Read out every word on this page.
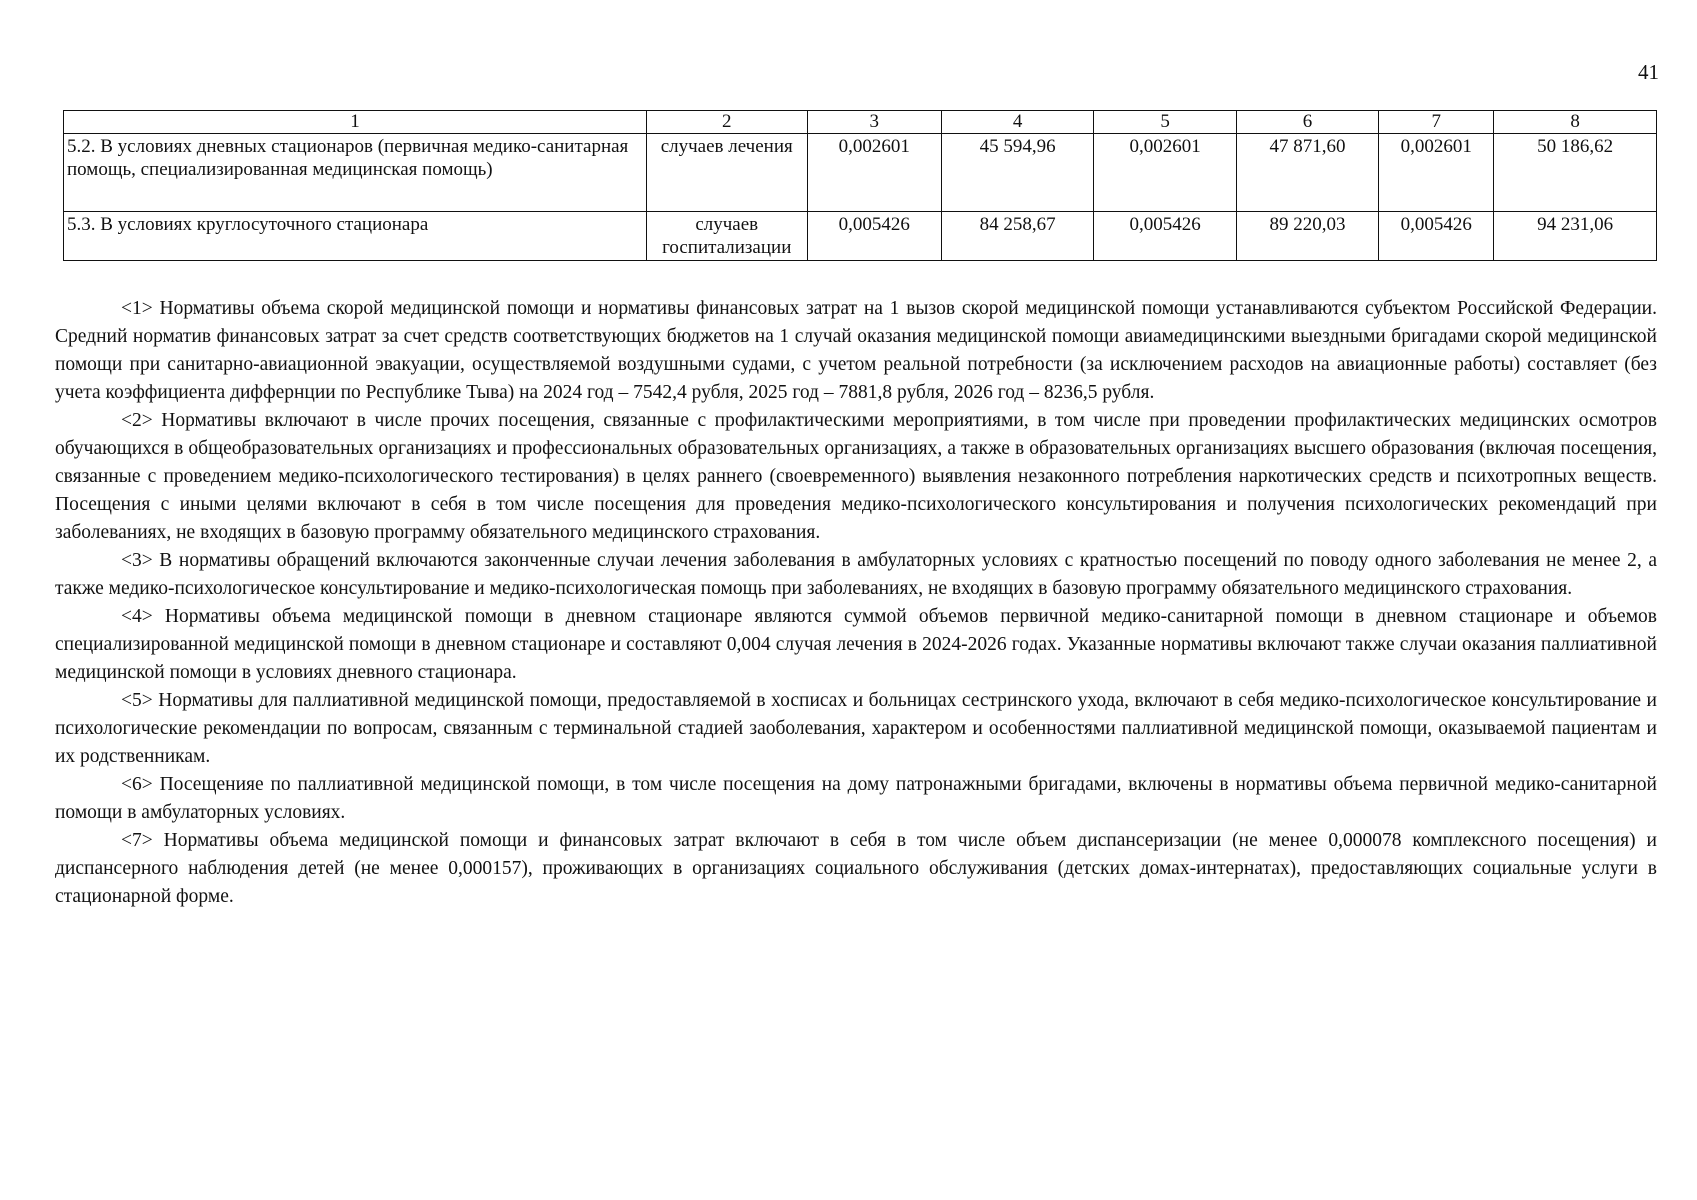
41
1	2	3	4	5	6	7	8
5.2. В условиях дневных стационаров (первичная медико-санитарная помощь, специализированная медицинская помощь)	случаев лечения	0,002601	45 594,96	0,002601	47 871,60	0,002601	50 186,62
5.3. В условиях круглосуточного стационара	случаев госпитализации	0,005426	84 258,67	0,005426	89 220,03	0,005426	94 231,06

<1> Нормативы объема скорой медицинской помощи и нормативы финансовых затрат на 1 вызов скорой медицинской помощи устанавливаются субъектом Российской Федерации. Средний норматив финансовых затрат за счет средств соответствующих бюджетов на 1 случай оказания медицинской помощи авиамедицинскими выездными бригадами скорой медицинской помощи при санитарно-авиационной эвакуации, осуществляемой воздушными судами, с учетом реальной потребности (за исключением расходов на авиационные работы) составляет (без учета коэффициента диффернции по Республике Тыва) на 2024 год – 7542,4 рубля, 2025 год – 7881,8 рубля, 2026 год – 8236,5 рубля.

<2> Нормативы включают в числе прочих посещения, связанные с профилактическими мероприятиями, в том числе при проведении профилактических медицинских осмотров обучающихся в общеобразовательных организациях и профессиональных образовательных организациях, а также в образовательных организациях высшего образования (включая посещения, связанные с проведением медико-психологического тестирования) в целях раннего (своевременного) выявления незаконного потребления наркотических средств и психотропных веществ. Посещения с иными целями включают в себя в том числе посещения для проведения медико-психологического консультирования и получения психологических рекомендаций при заболеваниях, не входящих в базовую программу обязательного медицинского страхования.

<3> В нормативы обращений включаются законченные случаи лечения заболевания в амбулаторных условиях с кратностью посещений по поводу одного заболевания не менее 2, а также медико-психологическое консультирование и медико-психологическая помощь при заболеваниях, не входящих в базовую программу обязательного медицинского страхования.

<4> Нормативы объема медицинской помощи в дневном стационаре являются суммой объемов первичной медико-санитарной помощи в дневном стационаре и объемов специализированной медицинской помощи в дневном стационаре и составляют 0,004 случая лечения в 2024-2026 годах. Указанные нормативы включают также случаи оказания паллиативной медицинской помощи в условиях дневного стационара.

<5> Нормативы для паллиативной медицинской помощи, предоставляемой в хосписах и больницах сестринского ухода, включают в себя медико-психологическое консультирование и психологические рекомендации по вопросам, связанным с терминальной стадией заоболевания, характером и особенностями паллиативной медицинской помощи, оказываемой пациентам и их родственникам.

<6> Посещенияе по паллиативной медицинской помощи, в том числе посещения на дому патронажными бригадами, включены в нормативы объема первичной медико-санитарной помощи в амбулаторных условиях.

<7> Нормативы объема медицинской помощи и финансовых затрат включают в себя в том числе объем диспансеризации (не менее 0,000078 комплексного посещения) и диспансерного наблюдения детей (не менее 0,000157), проживающих в организациях социального обслуживания (детских домах-интернатах), предоставляющих социальные услуги в стационарной форме.
